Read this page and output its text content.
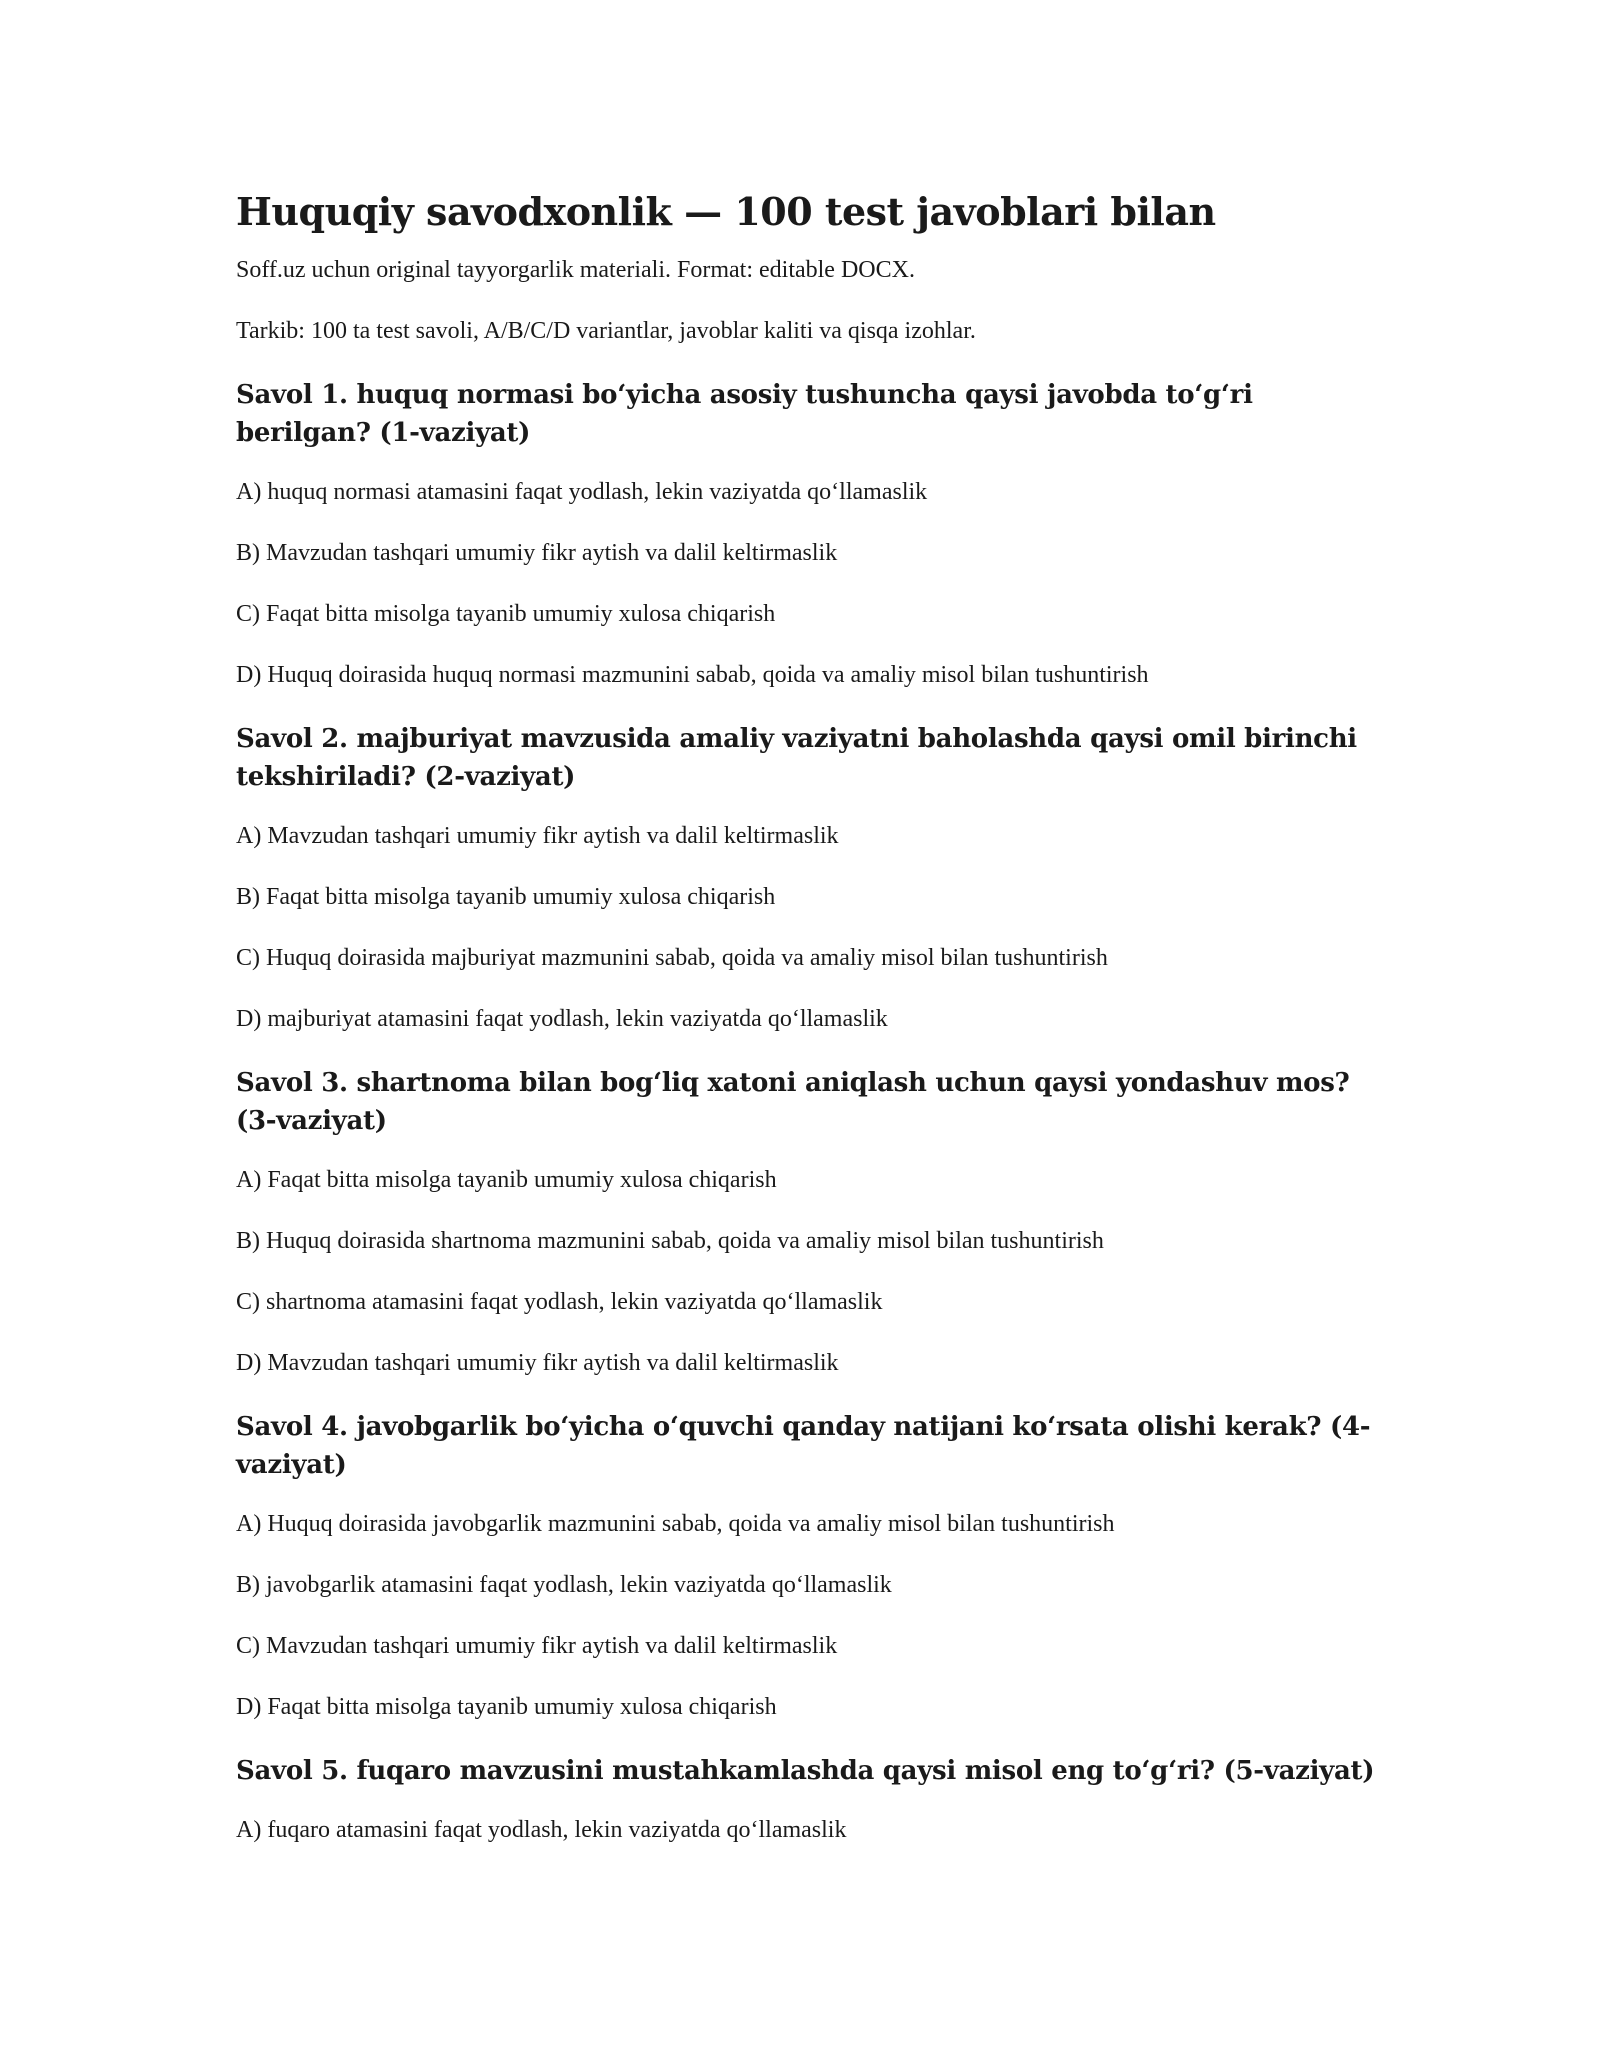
Huquqiy savodxonlik — 100 test javoblari bilan

Soff.uz uchun original tayyorgarlik materiali. Format: editable DOCX.

Tarkib: 100 ta test savoli, A/B/C/D variantlar, javoblar kaliti va qisqa izohlar.

Savol 1. huquq normasi bo‘yicha asosiy tushuncha qaysi javobda to‘g‘ri berilgan? (1-vaziyat)

A) huquq normasi atamasini faqat yodlash, lekin vaziyatda qo‘llamaslik

B) Mavzudan tashqari umumiy fikr aytish va dalil keltirmaslik

C) Faqat bitta misolga tayanib umumiy xulosa chiqarish

D) Huquq doirasida huquq normasi mazmunini sabab, qoida va amaliy misol bilan tushuntirish

Savol 2. majburiyat mavzusida amaliy vaziyatni baholashda qaysi omil birinchi tekshiriladi? (2-vaziyat)

A) Mavzudan tashqari umumiy fikr aytish va dalil keltirmaslik

B) Faqat bitta misolga tayanib umumiy xulosa chiqarish

C) Huquq doirasida majburiyat mazmunini sabab, qoida va amaliy misol bilan tushuntirish

D) majburiyat atamasini faqat yodlash, lekin vaziyatda qo‘llamaslik

Savol 3. shartnoma bilan bog‘liq xatoni aniqlash uchun qaysi yondashuv mos? (3-vaziyat)

A) Faqat bitta misolga tayanib umumiy xulosa chiqarish

B) Huquq doirasida shartnoma mazmunini sabab, qoida va amaliy misol bilan tushuntirish

C) shartnoma atamasini faqat yodlash, lekin vaziyatda qo‘llamaslik

D) Mavzudan tashqari umumiy fikr aytish va dalil keltirmaslik

Savol 4. javobgarlik bo‘yicha o‘quvchi qanday natijani ko‘rsata olishi kerak? (4-vaziyat)

A) Huquq doirasida javobgarlik mazmunini sabab, qoida va amaliy misol bilan tushuntirish

B) javobgarlik atamasini faqat yodlash, lekin vaziyatda qo‘llamaslik

C) Mavzudan tashqari umumiy fikr aytish va dalil keltirmaslik

D) Faqat bitta misolga tayanib umumiy xulosa chiqarish

Savol 5. fuqaro mavzusini mustahkamlashda qaysi misol eng to‘g‘ri? (5-vaziyat)

A) fuqaro atamasini faqat yodlash, lekin vaziyatda qo‘llamaslik
